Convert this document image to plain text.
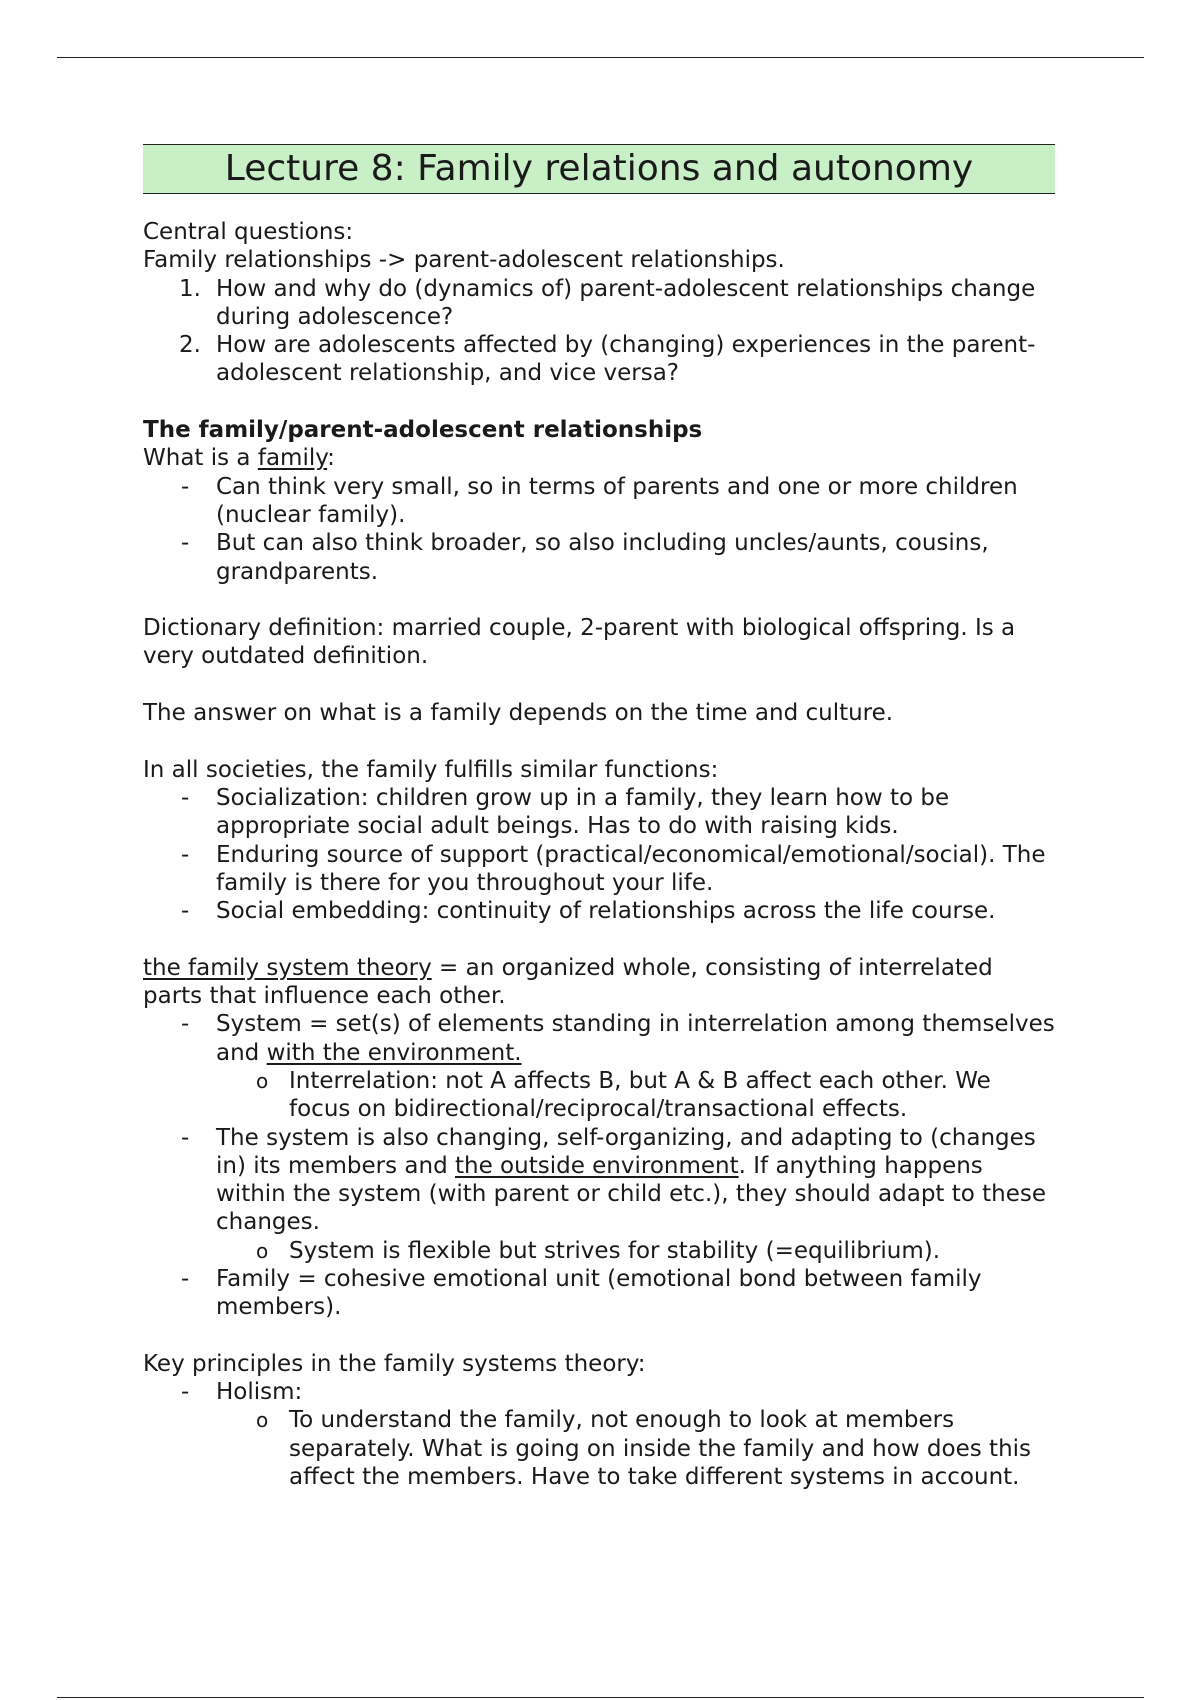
Lecture 8: Family relations and autonomy

Central questions:

Family relationships -> parent-adolescent relationships.

1. How and why do (dynamics of) parent-adolescent relationships change during adolescence?
2. How are adolescents affected by (changing) experiences in the parent-adolescent relationship, and vice versa?

The family/parent-adolescent relationships

What is a family:

- Can think very small, so in terms of parents and one or more children (nuclear family).
- But can also think broader, so also including uncles/aunts, cousins, grandparents.

Dictionary definition: married couple, 2-parent with biological offspring. Is a very outdated definition.

The answer on what is a family depends on the time and culture.

In all societies, the family fulfills similar functions:

- Socialization: children grow up in a family, they learn how to be appropriate social adult beings. Has to do with raising kids.
- Enduring source of support (practical/economical/emotional/social). The family is there for you throughout your life.
- Social embedding: continuity of relationships across the life course.

the family system theory = an organized whole, consisting of interrelated parts that influence each other.

- System = set(s) of elements standing in interrelation among themselves and with the environment.
o Interrelation: not A affects B, but A & B affect each other. We focus on bidirectional/reciprocal/transactional effects.
- The system is also changing, self-organizing, and adapting to (changes in) its members and the outside environment. If anything happens within the system (with parent or child etc.), they should adapt to these changes.
o System is flexible but strives for stability (=equilibrium).
- Family = cohesive emotional unit (emotional bond between family members).

Key principles in the family systems theory:

- Holism:
o To understand the family, not enough to look at members separately. What is going on inside the family and how does this affect the members. Have to take different systems in account.
